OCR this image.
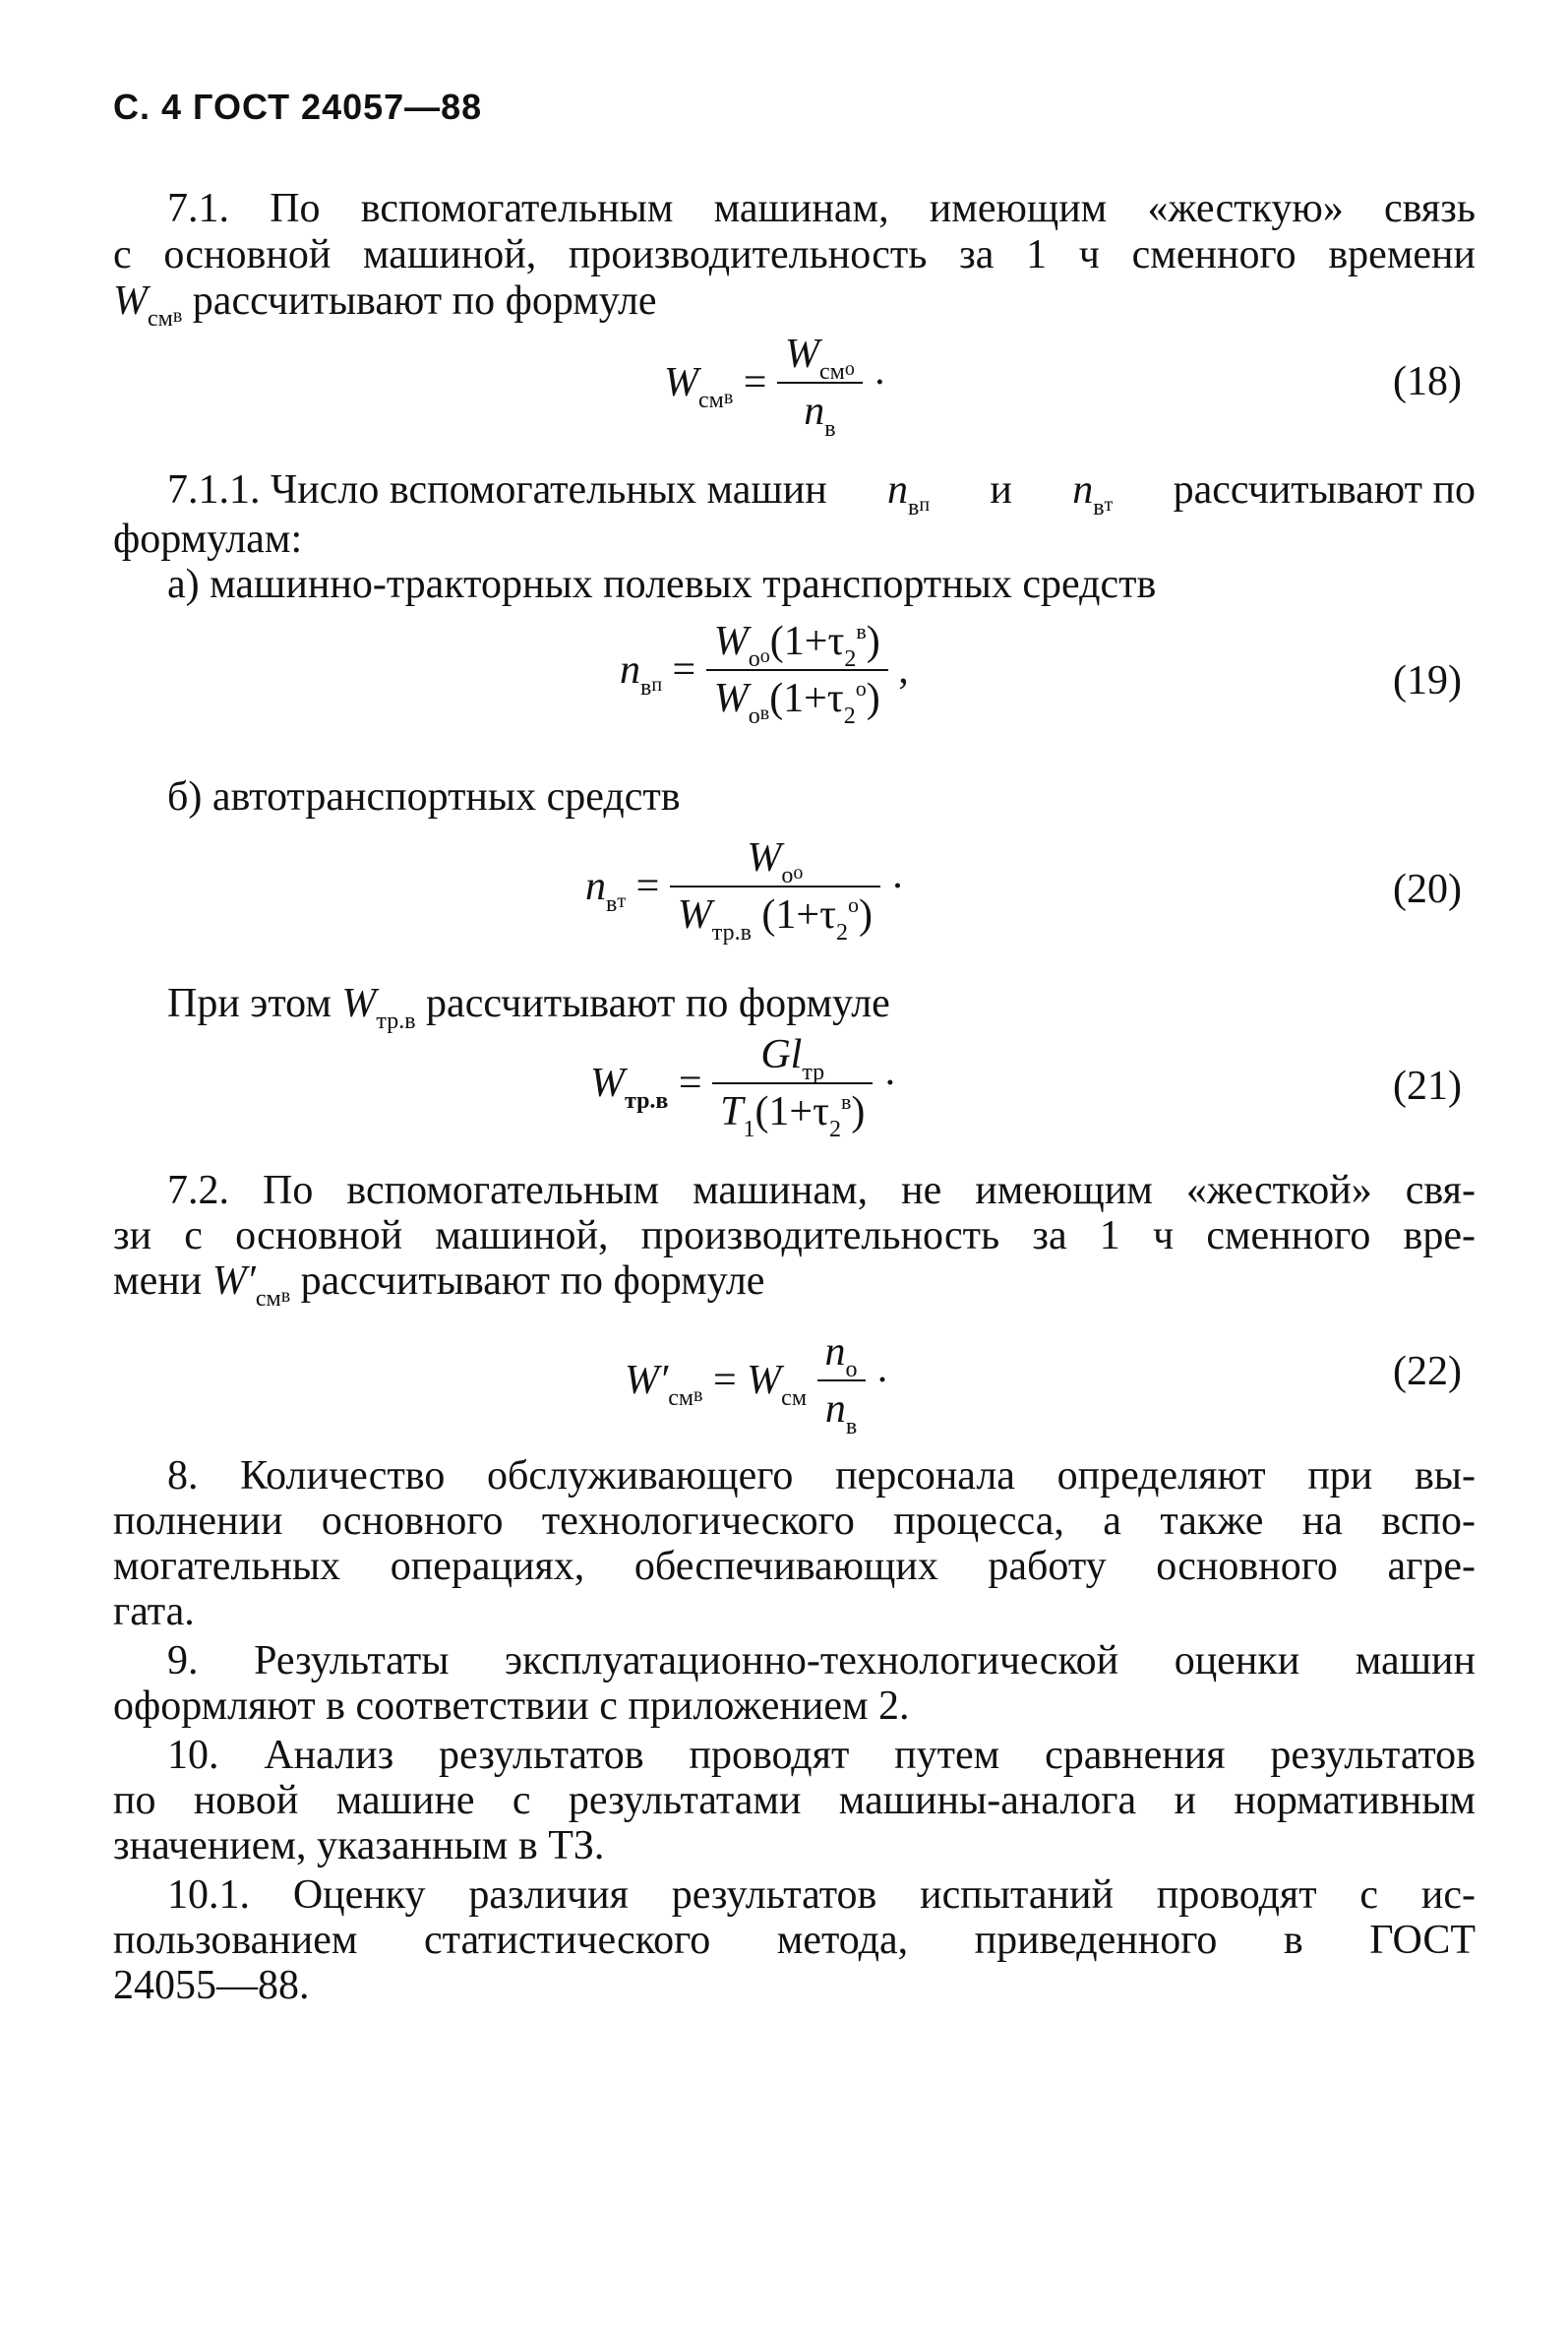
С. 4 ГОСТ 24057—88
7.1. По вспомогательным машинам, имеющим «жесткую» связь
с основной машиной, производительность за 1 ч сменного времени
$W_{см}в$ рассчитывают по формуле
$W_{см}в = \frac{W_{см}о}{n_в}$ ·	(18)
7.1.1. Число вспомогательных машин $n_вп$ и $n_вт$ рассчитывают по
формулам:
а) машинно-тракторных полевых транспортных средств
$n_вп = \frac{W_оо(1+\tau_2^в)}{W_ов(1+\tau_2^о)}$ ,	(19)
б) автотранспортных средств
$n_вт = \frac{W_оо}{W_{тр.в} (1+\tau_2^о)}$ ·	(20)
При этом $W_{тр.в}$ рассчитывают по формуле
$W_{тр.в} = \frac{Gl_{тр}}{T_1(1+\tau_2^в)}$ ·	(21)
7.2. По вспомогательным машинам, не имеющим «жесткой» свя-
зи с основной машиной, производительность за 1 ч сменного вре-
мени $W'_{см}в$ рассчитывают по формуле
$W'_{см}в = W_{см} \frac{n_о}{n_в}$ ·	(22)
8. Количество обслуживающего персонала определяют при вы-
полнении основного технологического процесса, а также на вспо-
могательных операциях, обеспечивающих работу основного агре-
гата.
9. Результаты эксплуатационно-технологической оценки машин
оформляют в соответствии с приложением 2.
10. Анализ результатов проводят путем сравнения результатов
по новой машине с результатами машины-аналога и нормативным
значением, указанным в ТЗ.
10.1. Оценку различия результатов испытаний проводят с ис-
пользованием статистического метода, приведенного в ГОСТ
24055—88.
